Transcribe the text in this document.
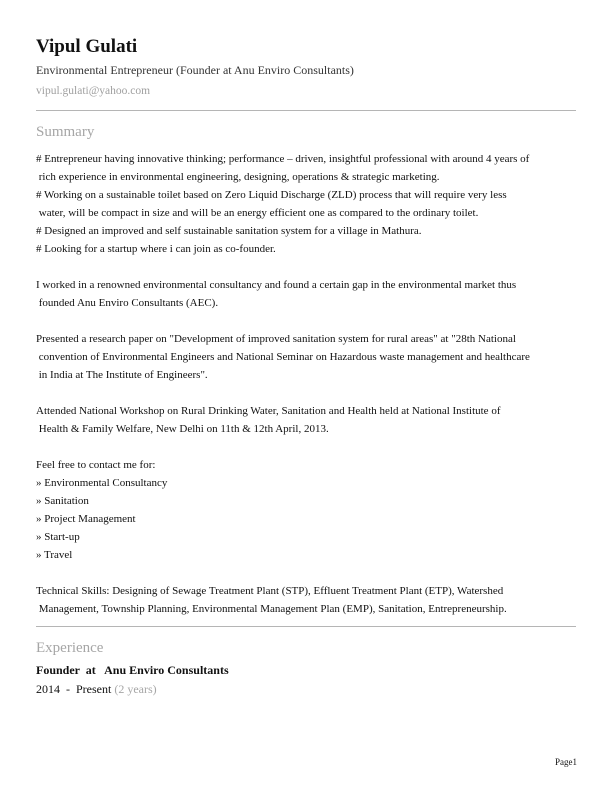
Vipul Gulati
Environmental Entrepreneur (Founder at Anu Enviro Consultants)
vipul.gulati@yahoo.com
Summary
# Entrepreneur having innovative thinking; performance – driven, insightful professional with around 4 years of
rich experience in environmental engineering, designing, operations & strategic marketing.
# Working on a sustainable toilet based on Zero Liquid Discharge (ZLD) process that will require very less
water, will be compact in size and will be an energy efficient one as compared to the ordinary toilet.
# Designed an improved and self sustainable sanitation system for a village in Mathura.
# Looking for a startup where i can join as co-founder.
I worked in a renowned environmental consultancy and found a certain gap in the environmental market thus
founded Anu Enviro Consultants (AEC).
Presented a research paper on "Development of improved sanitation system for rural areas" at "28th National
convention of Environmental Engineers and National Seminar on Hazardous waste management and healthcare
in India at The Institute of Engineers".
Attended National Workshop on Rural Drinking Water, Sanitation and Health held at National Institute of
Health & Family Welfare, New Delhi on 11th & 12th April, 2013.
Feel free to contact me for:
» Environmental Consultancy
» Sanitation
» Project Management
» Start-up
» Travel
Technical Skills: Designing of Sewage Treatment Plant (STP), Effluent Treatment Plant (ETP), Watershed
Management, Township Planning, Environmental Management Plan (EMP), Sanitation, Entrepreneurship.
Experience
Founder  at   Anu Enviro Consultants
2014  -  Present (2 years)
Page1
